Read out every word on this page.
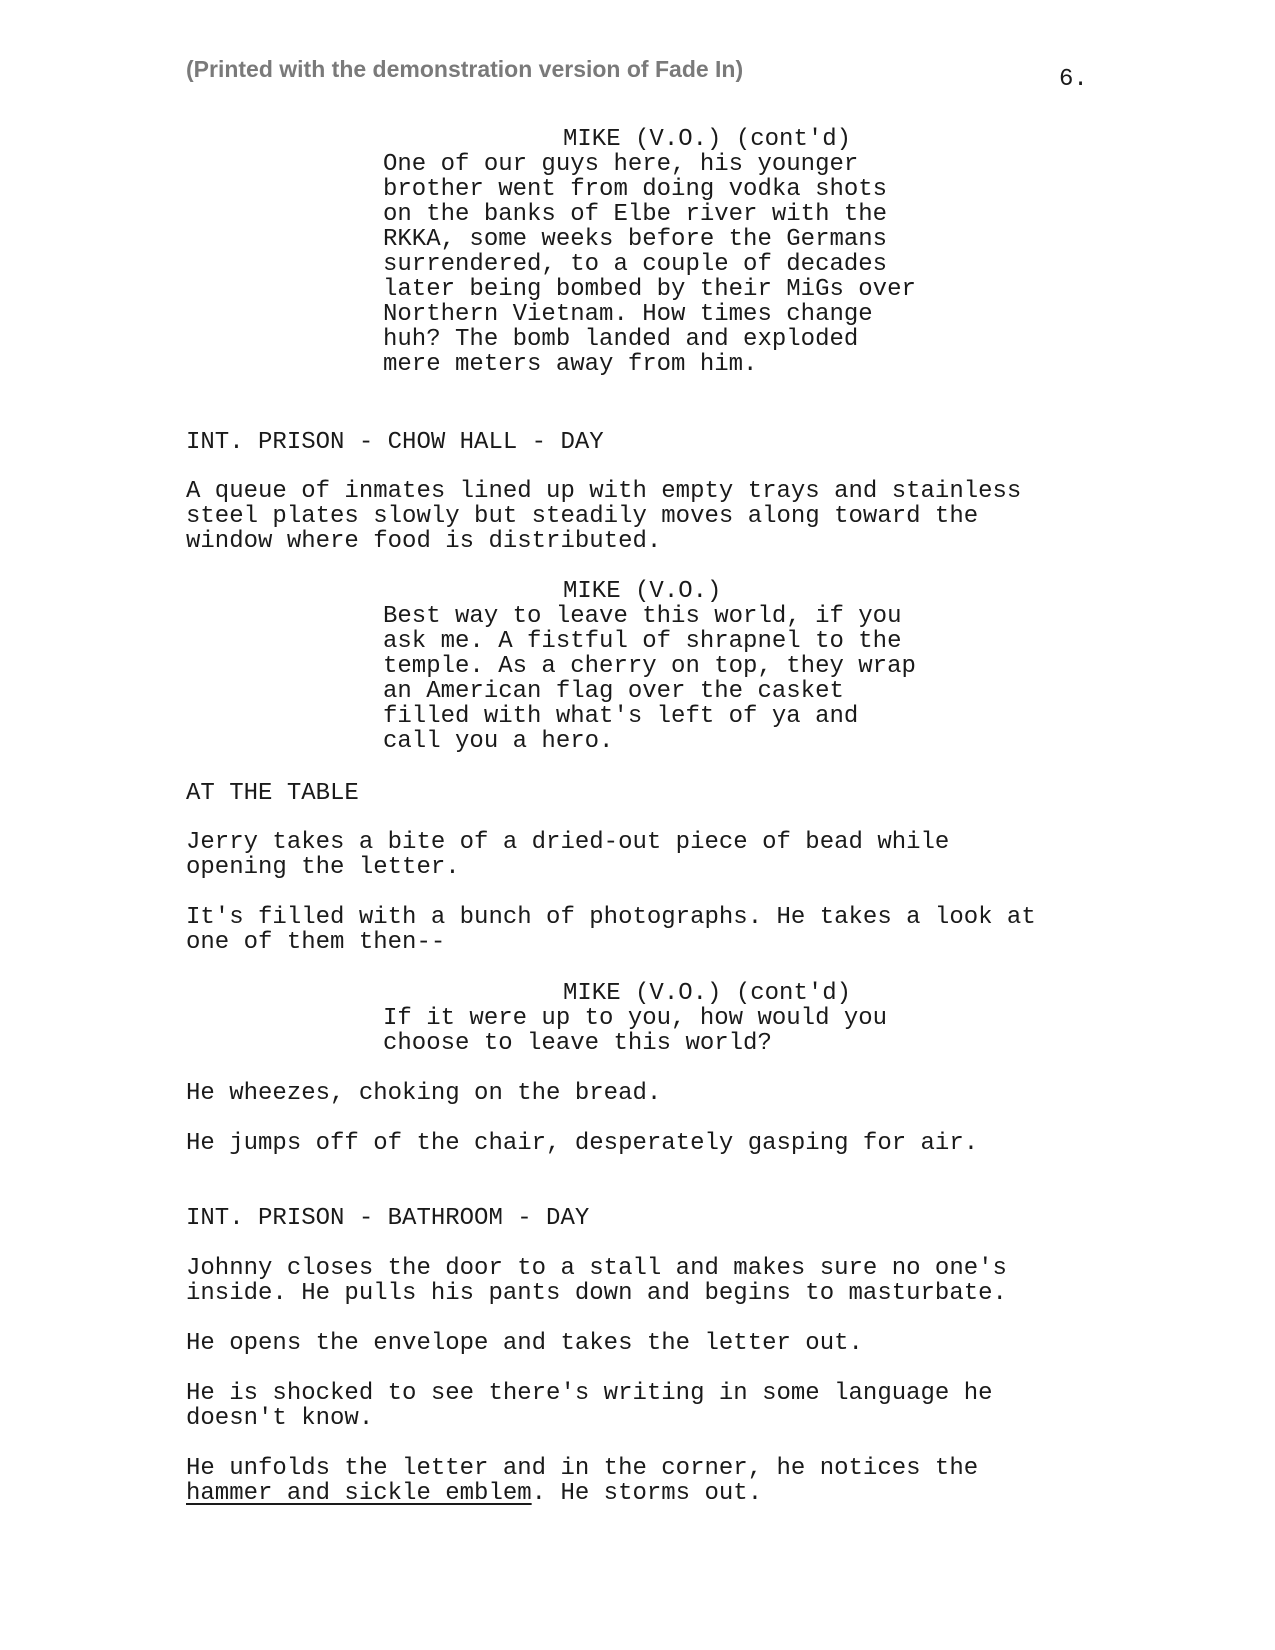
(Printed with the demonstration version of Fade In)	6.
MIKE (V.O.) (cont'd)
One of our guys here, his younger
brother went from doing vodka shots
on the banks of Elbe river with the
RKKA, some weeks before the Germans
surrendered, to a couple of decades
later being bombed by their MiGs over
Northern Vietnam. How times change
huh? The bomb landed and exploded
mere meters away from him.
INT. PRISON - CHOW HALL - DAY
A queue of inmates lined up with empty trays and stainless
steel plates slowly but steadily moves along toward the
window where food is distributed.
MIKE (V.O.)
Best way to leave this world, if you
ask me. A fistful of shrapnel to the
temple. As a cherry on top, they wrap
an American flag over the casket
filled with what's left of ya and
call you a hero.
AT THE TABLE
Jerry takes a bite of a dried-out piece of bead while
opening the letter.
It's filled with a bunch of photographs. He takes a look at
one of them then--
MIKE (V.O.) (cont'd)
If it were up to you, how would you
choose to leave this world?
He wheezes, choking on the bread.
He jumps off of the chair, desperately gasping for air.
INT. PRISON - BATHROOM - DAY
Johnny closes the door to a stall and makes sure no one's
inside. He pulls his pants down and begins to masturbate.
He opens the envelope and takes the letter out.
He is shocked to see there's writing in some language he
doesn't know.
He unfolds the letter and in the corner, he notices the
hammer and sickle emblem. He storms out.
